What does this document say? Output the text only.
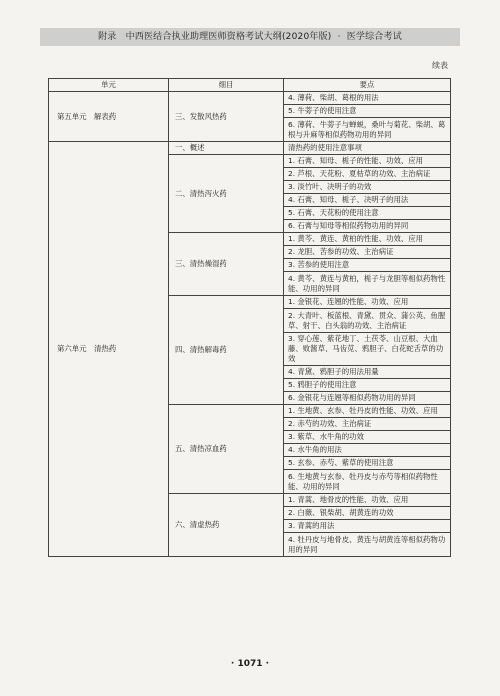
附录 中西医结合执业助理医师资格考试大纲(2020年版) · 医学综合考试
续表
单元	细目	要点
第五单元　解表药	三、发散风热药	4. 薄荷、柴胡、葛根的用法
		5. 牛蒡子的使用注意
		6. 薄荷、牛蒡子与蝉蜕，桑叶与菊花、柴胡、葛根与升麻等相似药物功用的异同
第六单元　清热药	一、概述	清热药的使用注意事项
	二、清热泻火药	1. 石膏、知母、栀子的性能、功效、应用
		2. 芦根、天花粉、夏枯草的功效、主治病证
		3. 淡竹叶、决明子的功效
		4. 石膏、知母、栀子、决明子的用法
		5. 石膏、天花粉的使用注意
		6. 石膏与知母等相似药物功用的异同
	三、清热燥湿药	1. 黄芩、黄连、黄柏的性能、功效、应用
		2. 龙胆、苦参的功效、主治病证
		3. 苦参的使用注意
		4. 黄芩、黄连与黄柏，栀子与龙胆等相似药物性能、功用的异同
	四、清热解毒药	1. 金银花、连翘的性能、功效、应用
		2. 大青叶、板蓝根、青黛、贯众、蒲公英、鱼腥草、射干、白头翁的功效、主治病证
		3. 穿心莲、紫花地丁、土茯苓、山豆根、大血藤、败酱草、马齿苋、鸦胆子、白花蛇舌草的功效
		4. 青黛、鸦胆子的用法用量
		5. 鸦胆子的使用注意
		6. 金银花与连翘等相似药物功用的异同
	五、清热凉血药	1. 生地黄、玄参、牡丹皮的性能、功效、应用
		2. 赤芍的功效、主治病证
		3. 紫草、水牛角的功效
		4. 水牛角的用法
		5. 玄参、赤芍、紫草的使用注意
		6. 生地黄与玄参、牡丹皮与赤芍等相似药物性能、功用的异同
	六、清虚热药	1. 青蒿、地骨皮的性能、功效、应用
		2. 白薇、银柴胡、胡黄连的功效
		3. 青蒿的用法
		4. 牡丹皮与地骨皮、黄连与胡黄连等相似药物功用的异同
· 1071 ·
